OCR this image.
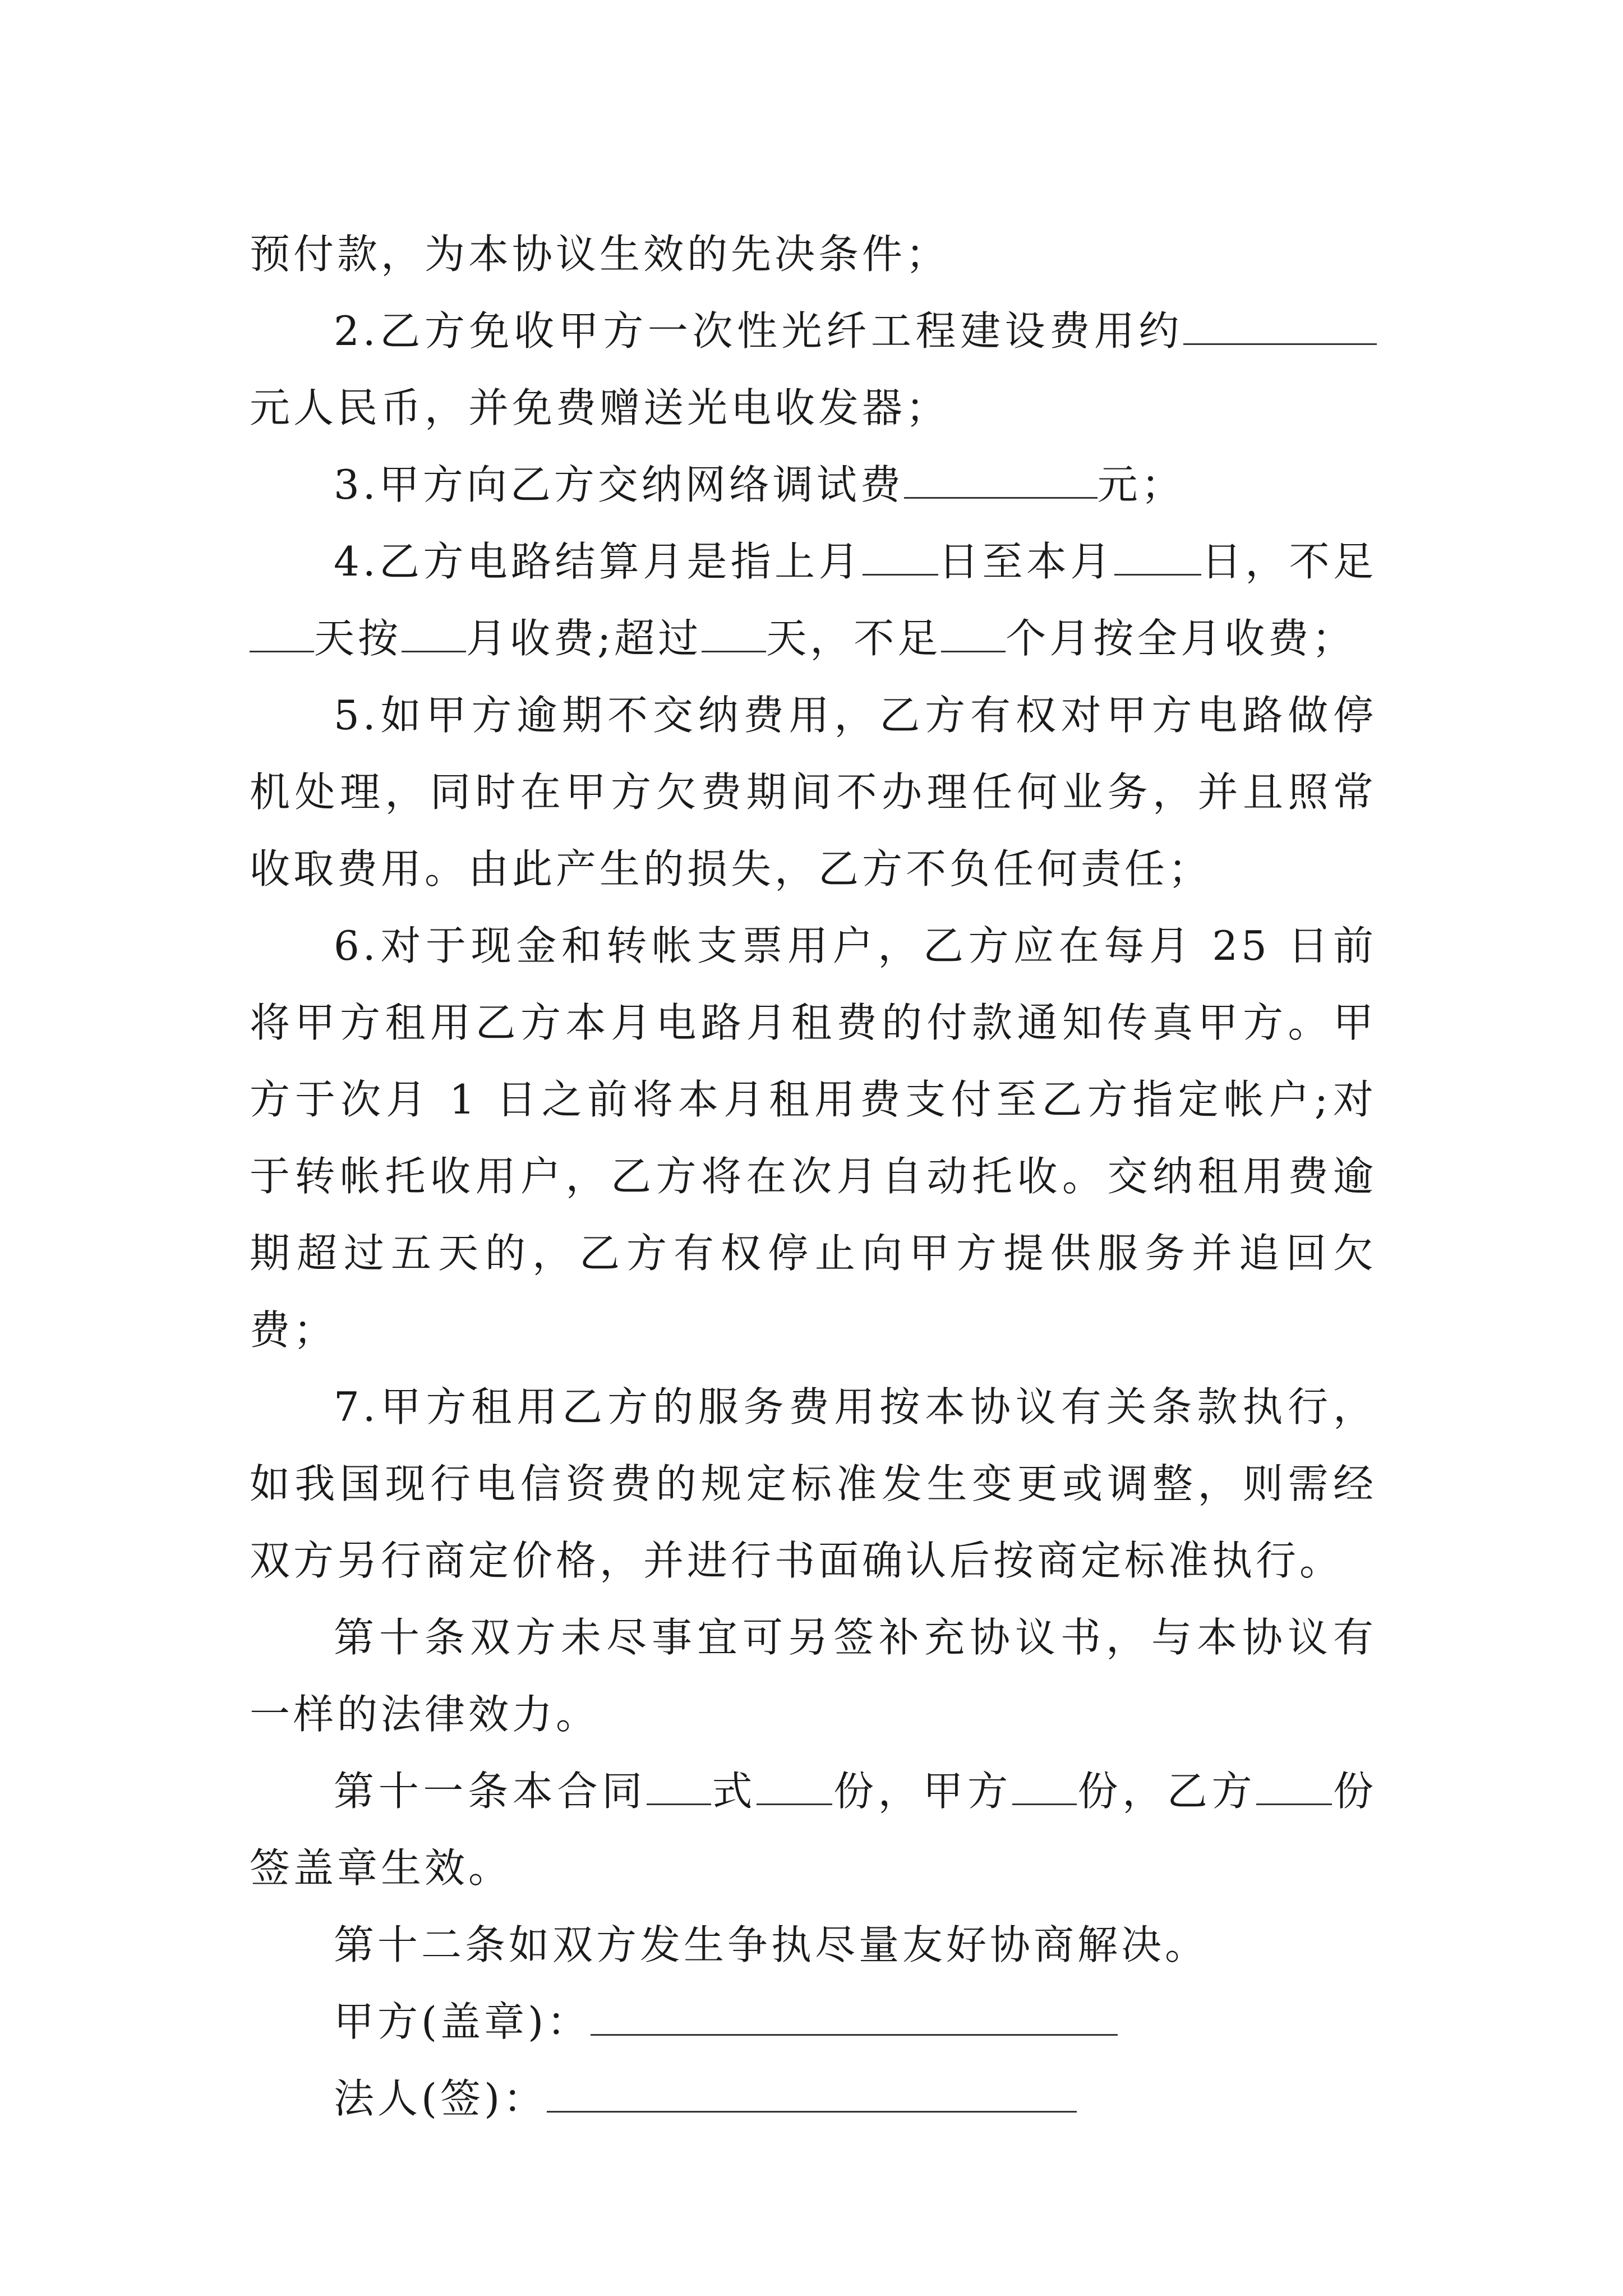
预付款，为本协议生效的先决条件；

2.乙方免收甲方一次性光纤工程建设费用约元人民币，并免费赠送光电收发器；

3.甲方向乙方交纳网络调试费	元；

4.乙方电路结算月是指上月 日至本月 日，不足天按 月收费;超过 天，不足 个月按全月收费；

5.如甲方逾期不交纳费用，乙方有权对甲方电路做停机处理，同时在甲方欠费期间不办理任何业务，并且照常收取费用。由此产生的损失，乙方不负任何责任；

6.对于现金和转帐支票用户，乙方应在每月 25 日前将甲方租用乙方本月电路月租费的付款通知传真甲方。甲方于次月 1 日之前将本月租用费支付至乙方指定帐户;对于转帐托收用户，乙方将在次月自动托收。交纳租用费逾期超过五天的，乙方有权停止向甲方提供服务并追回欠费；

7.甲方租用乙方的服务费用按本协议有关条款执行，如我国现行电信资费的规定标准发生变更或调整，则需经双方另行商定价格，并进行书面确认后按商定标准执行。

第十条双方未尽事宜可另签补充协议书，与本协议有一样的法律效力。

第十一条本合同 式 份，甲方 份，乙方 份签盖章生效。

第十二条如双方发生争执尽量友好协商解决。

甲方(盖章)：

法人(签)：
